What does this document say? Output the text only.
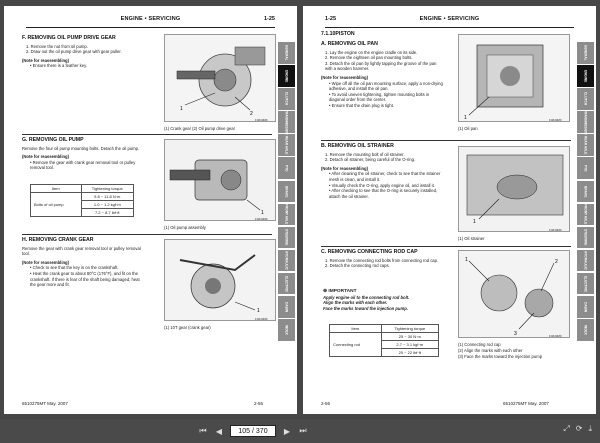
ENGINE • SERVICING	1-25
F. REMOVING OIL PUMP DRIVE GEAR
1. Remove the nut from oil pump.
2. Draw out the oil pump drive gear with gear puller.
(Note for reassembling)
• Ensure there is a feather key.
1
2
F4640MF
(1) Crank gear (2) Oil pump drive gear
G. REMOVING OIL PUMP
Remove the four oil pump mounting bolts. Detach the oil pump.
(Note for reassembling)
• Remove the gear with crank gear removal tool or pulley removal tool.
Item	Tightening torque
Bolts of oil pump	9.8 ~ 11.8 N·m
	1.0 ~ 1.2 kgf·m
	7.2 ~ 8.7 lbf·ft	1
F4640MF
(1) Oil pump assembly
H. REMOVING CRANK GEAR
Remove the gear with crank gear removal tool or pulley removal tool.
(Note for reassembling)
• Check to see that the key is on the crankshaft.
• Heat the crank gear to about 80°C (176°F), and fit on the crankshaft. If there is fear of the shaft being damaged, heat the gear more and fit.
1
F4640MF
(1) 10T gear (crank gear)
GENERAL
ENGINE
CLUTCH
TRANSMISSION
REAR AXLE
PTO
BRAKE
FRONT AXLE
STEERING
HYDRAULIC
ELECTRIC
CABIN
INDEX
6510275MT May. 2007	2-55
ENGINE • SERVICING
1-25
7.1.10PISTON
A. REMOVING OIL PAN
1. Lay the engine on the engine cradle on its side.
2. Remove the eighteen oil pan mounting bolts.
3. Detach the oil pan by lightly tapping the groove of the pan with a wooden hammer.
(Note for reassembling)
• Wipe off all the oil pan mounting surface, apply a non-drying adhesive, and install the oil pan.
• To avoid uneven tightening, tighten mounting bolts in diagonal order from the center.
• Ensure that the drain plug is tight.
1	F4640MF
(1) Oil pan
B. REMOVING OIL STRAINER
1. Remove the mounting bolt of oil strainer.
2. Detach oil strainer, being careful of the O-ring.
(Note for reassembling)
• After cleaning the oil strainer, check to see that the strainer mesh is clean, and install it.
• Visually check the O-ring, apply engine oil, and install it.
• After checking to see that the O-ring is securely installed, attach the oil strainer.
1
F4640MF
(1) Oil strainer
C. REMOVING CONNECTING ROD CAP
1. Remove the connecting rod bolts from connecting rod cap.
2. Detach the connecting rod caps.
⊕ IMPORTANT
Apply engine oil to the connecting rod bolt.
Align the marks with each other.
Face the marks toward the injection pump.
Item	Tightening torque
Connecting rod	25 ~ 30 N·m
	2.7 ~ 3.1 kgf·m
	20 ~ 22 lbf·ft
1	2
3	F4640MF
(1) Connecting rod cap
(2) Align the marks with each other
(3) Face the marks toward the injection pump
GENERAL
ENGINE
CLUTCH
TRANSMISSION
REAR AXLE
PTO
BRAKE
FRONT AXLE
STEERING
HYDRAULIC
ELECTRIC
CABIN
INDEX
2-56	6510275MT May. 2007
⏮ ◀	105 / 370	▶ ⏭	⤢ ⟳ ⤓
